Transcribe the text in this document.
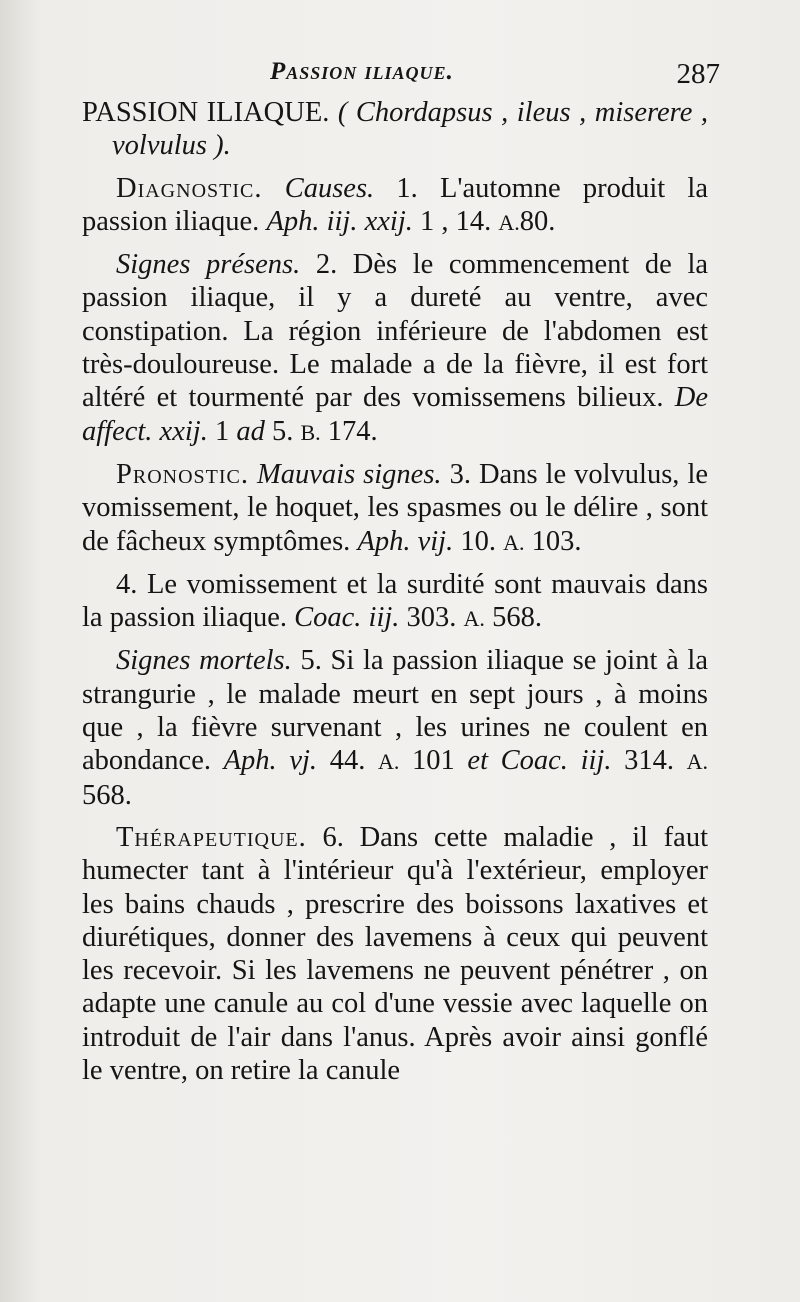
Passion iliaque.	287

PASSION ILIAQUE. ( Chordapsus , ileus , miserere , volvulus ).

Diagnostic. Causes. 1. L'automne produit la passion iliaque. Aph. iij. xxij. 1 , 14. A.80.

Signes présens. 2. Dès le commencement de la passion iliaque, il y a dureté au ventre, avec constipation. La région inférieure de l'abdomen est très-douloureuse. Le malade a de la fièvre, il est fort altéré et tourmenté par des vomissemens bilieux. De affect. xxij. 1 ad 5. B. 174.

Pronostic. Mauvais signes. 3. Dans le volvulus, le vomissement, le hoquet, les spasmes ou le délire , sont de fâcheux symptômes. Aph. vij. 10. A. 103.

4. Le vomissement et la surdité sont mauvais dans la passion iliaque. Coac. iij. 303. A. 568.

Signes mortels. 5. Si la passion iliaque se joint à la strangurie , le malade meurt en sept jours , à moins que , la fièvre survenant , les urines ne coulent en abondance. Aph. vj. 44. A. 101 et Coac. iij. 314. A. 568.

Thérapeutique. 6. Dans cette maladie , il faut humecter tant à l'intérieur qu'à l'extérieur, employer les bains chauds , prescrire des boissons laxatives et diurétiques, donner des lavemens à ceux qui peuvent les recevoir. Si les lavemens ne peuvent pénétrer , on adapte une canule au col d'une vessie avec laquelle on introduit de l'air dans l'anus. Après avoir ainsi gonflé le ventre, on retire la canule
